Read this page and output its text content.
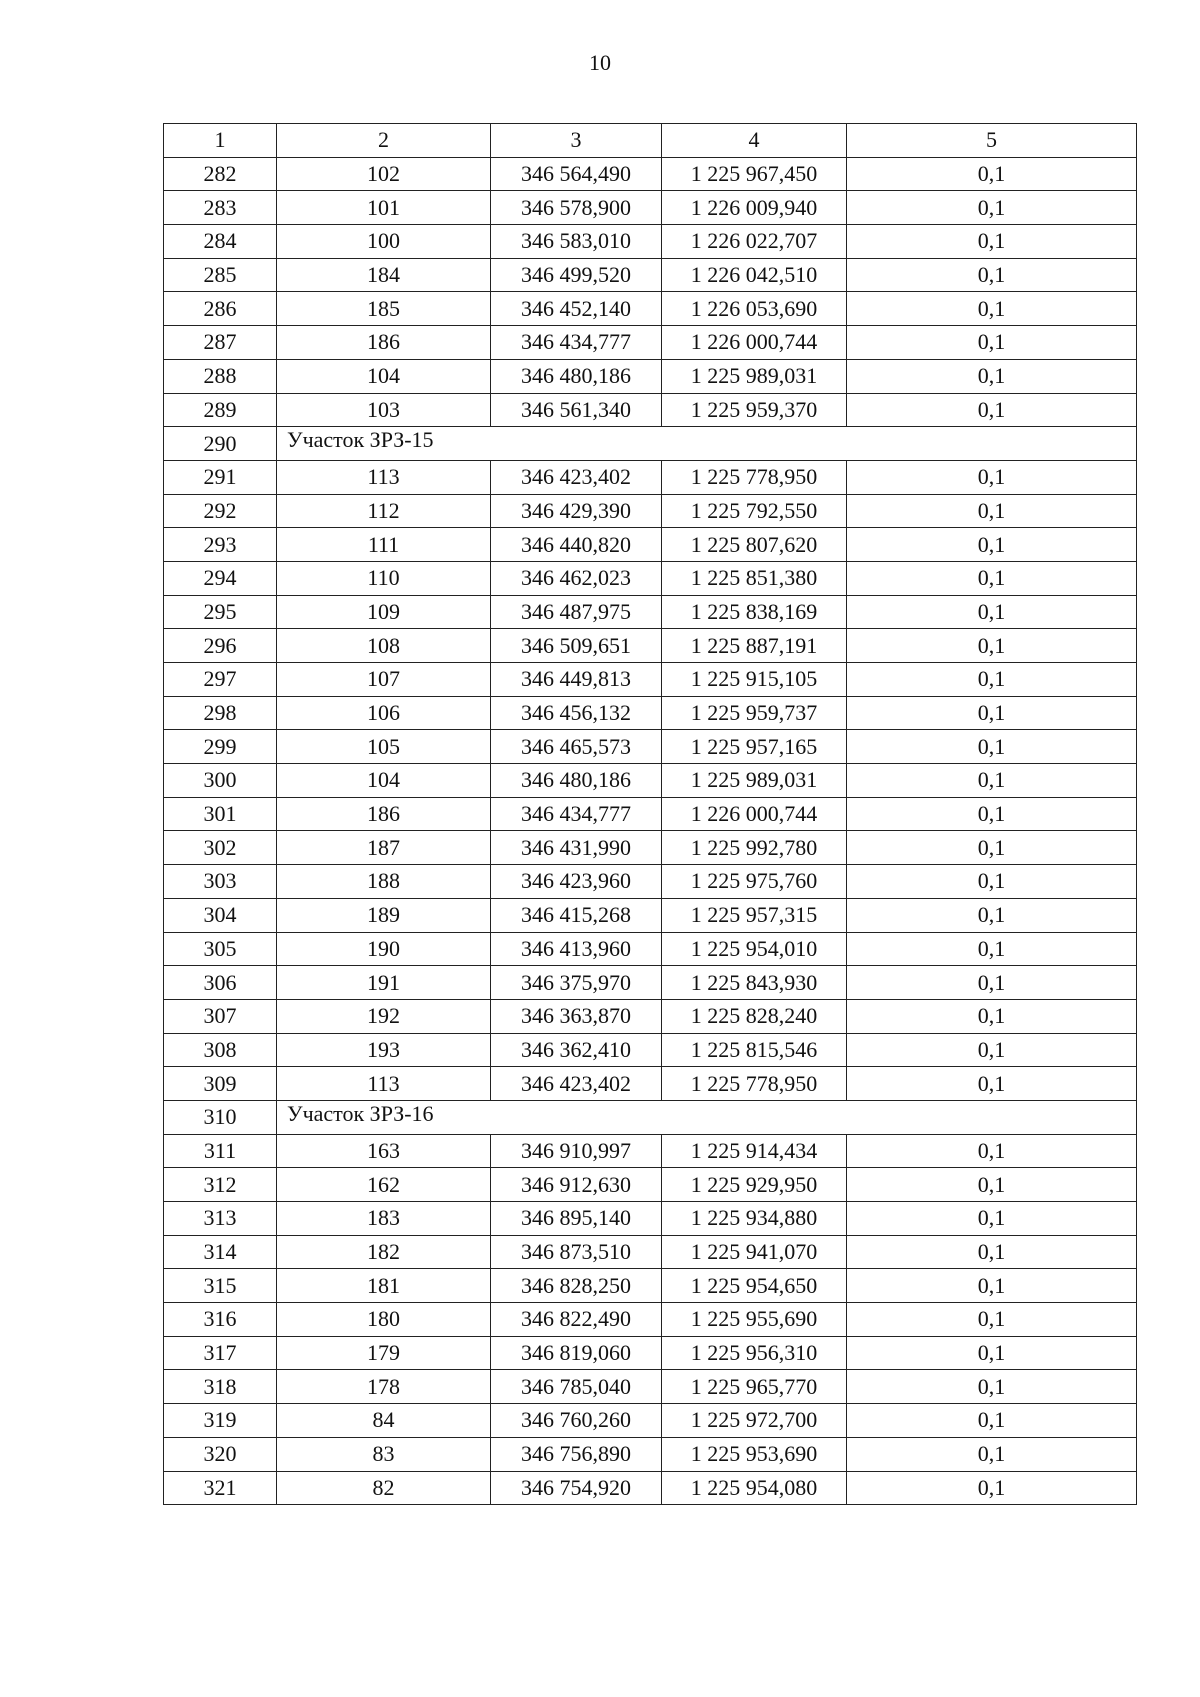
10
1	2	3	4	5
282	102	346 564,490	1 225 967,450	0,1
283	101	346 578,900	1 226 009,940	0,1
284	100	346 583,010	1 226 022,707	0,1
285	184	346 499,520	1 226 042,510	0,1
286	185	346 452,140	1 226 053,690	0,1
287	186	346 434,777	1 226 000,744	0,1
288	104	346 480,186	1 225 989,031	0,1
289	103	346 561,340	1 225 959,370	0,1
290	Участок ЗРЗ-15			
291	113	346 423,402	1 225 778,950	0,1
292	112	346 429,390	1 225 792,550	0,1
293	111	346 440,820	1 225 807,620	0,1
294	110	346 462,023	1 225 851,380	0,1
295	109	346 487,975	1 225 838,169	0,1
296	108	346 509,651	1 225 887,191	0,1
297	107	346 449,813	1 225 915,105	0,1
298	106	346 456,132	1 225 959,737	0,1
299	105	346 465,573	1 225 957,165	0,1
300	104	346 480,186	1 225 989,031	0,1
301	186	346 434,777	1 226 000,744	0,1
302	187	346 431,990	1 225 992,780	0,1
303	188	346 423,960	1 225 975,760	0,1
304	189	346 415,268	1 225 957,315	0,1
305	190	346 413,960	1 225 954,010	0,1
306	191	346 375,970	1 225 843,930	0,1
307	192	346 363,870	1 225 828,240	0,1
308	193	346 362,410	1 225 815,546	0,1
309	113	346 423,402	1 225 778,950	0,1
310	Участок ЗРЗ-16			
311	163	346 910,997	1 225 914,434	0,1
312	162	346 912,630	1 225 929,950	0,1
313	183	346 895,140	1 225 934,880	0,1
314	182	346 873,510	1 225 941,070	0,1
315	181	346 828,250	1 225 954,650	0,1
316	180	346 822,490	1 225 955,690	0,1
317	179	346 819,060	1 225 956,310	0,1
318	178	346 785,040	1 225 965,770	0,1
319	84	346 760,260	1 225 972,700	0,1
320	83	346 756,890	1 225 953,690	0,1
321	82	346 754,920	1 225 954,080	0,1
